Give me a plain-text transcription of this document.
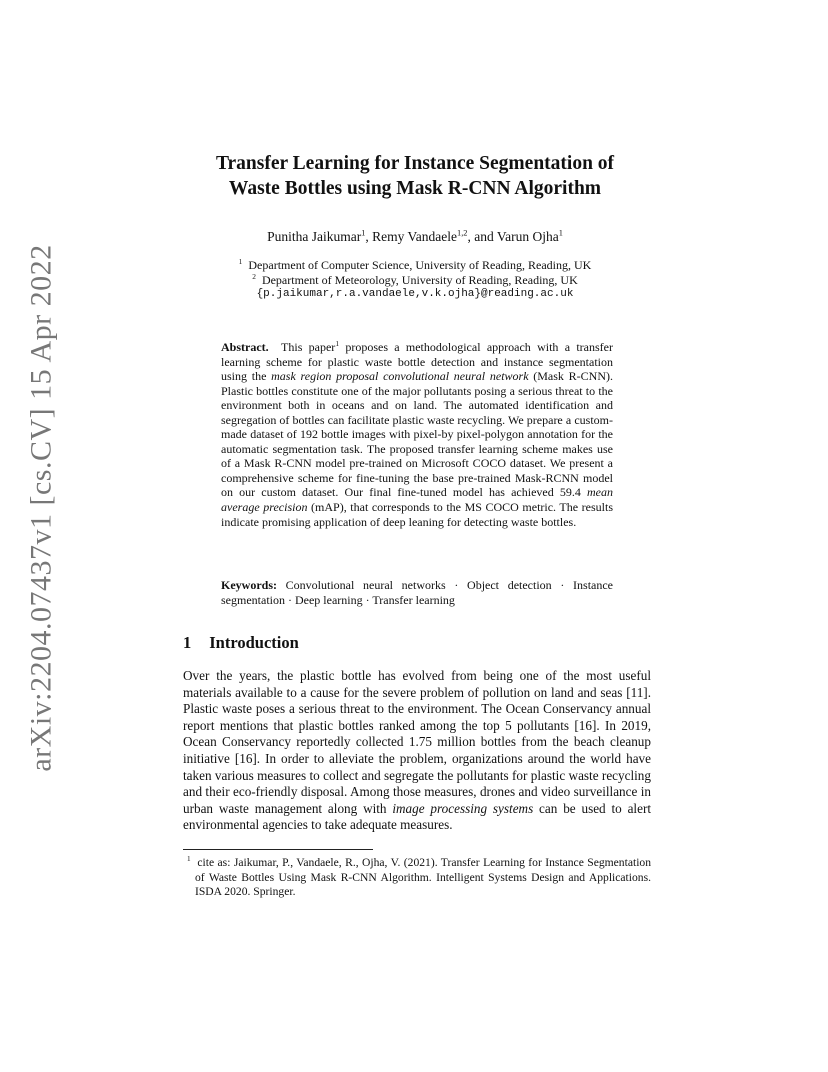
arXiv:2204.07437v1 [cs.CV] 15 Apr 2022
Transfer Learning for Instance Segmentation of
Waste Bottles using Mask R-CNN Algorithm
Punitha Jaikumar$^1$, Remy Vandaele$^{1,2}$, and Varun Ojha$^1$
$^1$ Department of Computer Science, University of Reading, Reading, UK
$^2$ Department of Meteorology, University of Reading, Reading, UK
{p.jaikumar,r.a.vandaele,v.k.ojha}@reading.ac.uk

Abstract. This paper$^1$ proposes a methodological approach with a transfer learning scheme for plastic waste bottle detection and instance segmentation using the mask region proposal convolutional neural network (Mask R-CNN). Plastic bottles constitute one of the major pollutants posing a serious threat to the environment both in oceans and on land. The automated identification and segregation of bottles can facilitate plastic waste recycling. We prepare a custom-made dataset of 192 bottle images with pixel-by pixel-polygon annotation for the automatic segmentation task. The proposed transfer learning scheme makes use of a Mask R-CNN model pre-trained on Microsoft COCO dataset. We present a comprehensive scheme for fine-tuning the base pre-trained Mask-RCNN model on our custom dataset. Our final fine-tuned model has achieved 59.4 mean average precision (mAP), that corresponds to the MS COCO metric. The results indicate promising application of deep leaning for detecting waste bottles.

Keywords: Convolutional neural networks · Object detection · Instance segmentation · Deep learning · Transfer learning

1 Introduction

Over the years, the plastic bottle has evolved from being one of the most useful materials available to a cause for the severe problem of pollution on land and seas [11]. Plastic waste poses a serious threat to the environment. The Ocean Conservancy annual report mentions that plastic bottles ranked among the top 5 pollutants [16]. In 2019, Ocean Conservancy reportedly collected 1.75 million bottles from the beach cleanup initiative [16]. In order to alleviate the problem, organizations around the world have taken various measures to collect and segregate the pollutants for plastic waste recycling and their eco-friendly disposal. Among those measures, drones and video surveillance in urban waste management along with image processing systems can be used to alert environmental agencies to take adequate measures.

$^1$ cite as: Jaikumar, P., Vandaele, R., Ojha, V. (2021). Transfer Learning for Instance Segmentation of Waste Bottles Using Mask R-CNN Algorithm. Intelligent Systems Design and Applications. ISDA 2020. Springer.
